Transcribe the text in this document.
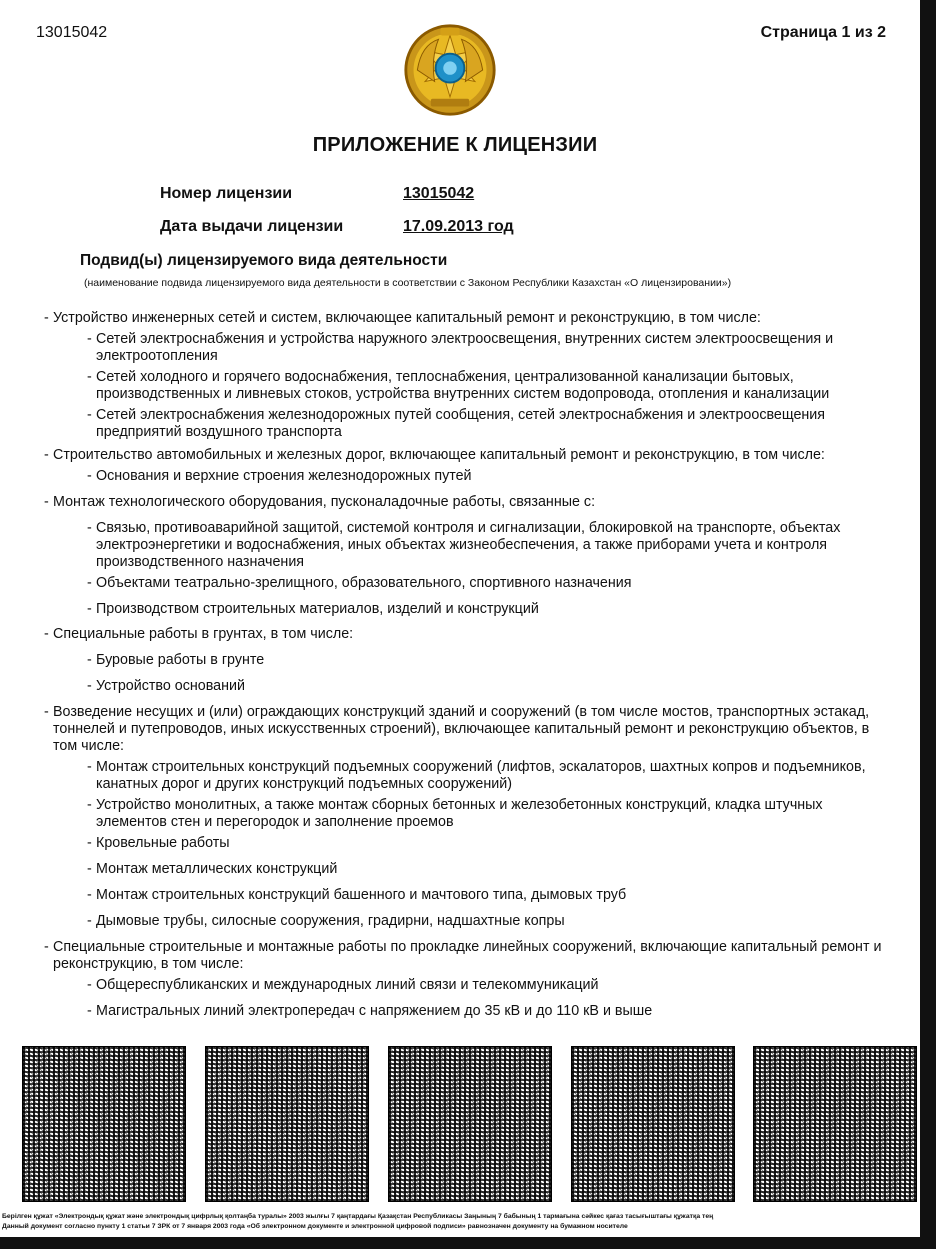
13015042	Страница 1 из 2
ПРИЛОЖЕНИЕ К ЛИЦЕНЗИИ
Номер лицензии	13015042
Дата выдачи лицензии	17.09.2013 год
Подвид(ы) лицензируемого вида деятельности
(наименование подвида лицензируемого вида деятельности в соответствии с Законом Республики Казахстан «О лицензировании»)
- Устройство инженерных сетей и систем, включающее капитальный ремонт и реконструкцию, в том числе:
- Сетей электроснабжения и устройства наружного электроосвещения, внутренних систем электроосвещения и электроотопления
- Сетей холодного и горячего водоснабжения, теплоснабжения, централизованной канализации бытовых, производственных и ливневых стоков, устройства внутренних систем водопровода, отопления и канализации
- Сетей электроснабжения железнодорожных путей сообщения, сетей электроснабжения и электроосвещения предприятий воздушного транспорта
- Строительство автомобильных и железных дорог, включающее капитальный ремонт и реконструкцию, в том числе:
- Основания и верхние строения железнодорожных путей
- Монтаж технологического оборудования, пусконаладочные работы, связанные с:
- Связью, противоаварийной защитой, системой контроля и сигнализации, блокировкой на транспорте, объектах электроэнергетики и водоснабжения, иных объектах жизнеобеспечения, а также приборами учета и контроля производственного назначения
- Объектами театрально-зрелищного, образовательного, спортивного назначения
- Производством строительных материалов, изделий и конструкций
- Специальные работы в грунтах, в том числе:
- Буровые работы в грунте
- Устройство оснований
- Возведение несущих и (или) ограждающих конструкций зданий и сооружений (в том числе мостов, транспортных эстакад, тоннелей и путепроводов, иных искусственных строений), включающее капитальный ремонт и реконструкцию объектов, в том числе:
- Монтаж строительных конструкций подъемных сооружений (лифтов, эскалаторов, шахтных копров и подъемников, канатных дорог и других конструкций подъемных сооружений)
- Устройство монолитных, а также монтаж сборных бетонных и железобетонных конструкций, кладка штучных элементов стен и перегородок и заполнение проемов
- Кровельные работы
- Монтаж металлических конструкций
- Монтаж строительных конструкций башенного и мачтового типа, дымовых труб
- Дымовые трубы, силосные сооружения, градирни, надшахтные копры
- Специальные строительные и монтажные работы по прокладке линейных сооружений, включающие капитальный ремонт и реконструкцию, в том числе:
- Общереспубликанских и международных линий связи и телекоммуникаций
- Магистральных линий электропередач с напряжением до 35 кВ и до 110 кВ и выше
Берілген құжат «Электрондық құжат және электрондық цифрлық қолтаңба туралы» 2003 жылғы 7 қаңтардағы Қазақстан Республикасы Заңының 7 бабының 1 тармағына сәйкес қағаз тасығыштағы құжатқа тең
Данный документ согласно пункту 1 статьи 7 ЗРК от 7 января 2003 года «Об электронном документе и электронной цифровой подписи» равнозначен документу на бумажном носителе
